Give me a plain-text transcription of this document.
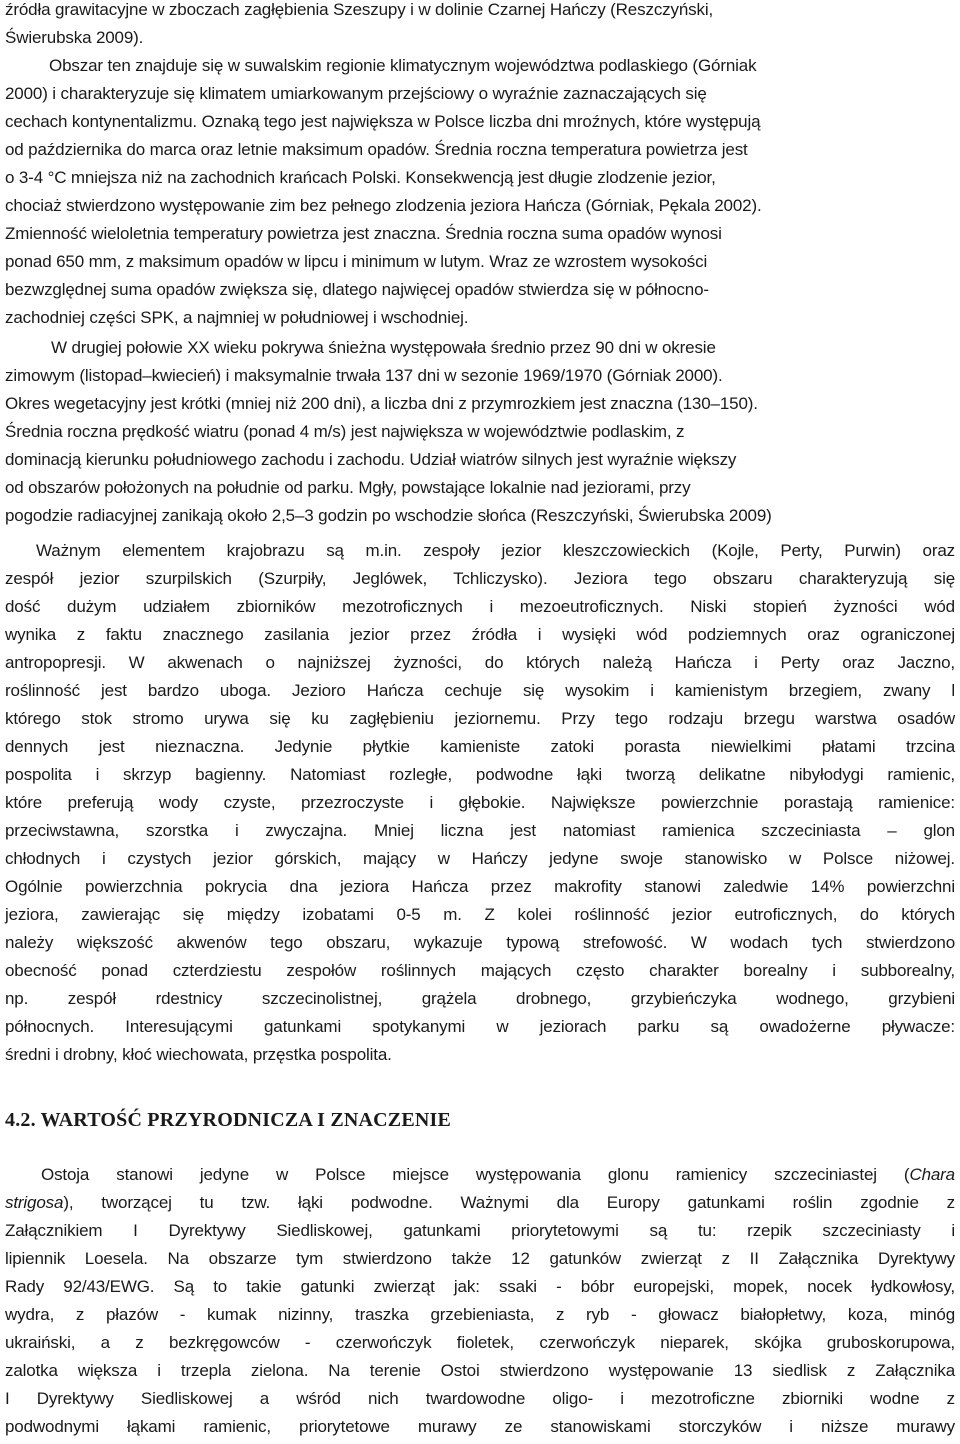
źródła grawitacyjne w zboczach zagłębienia Szeszupy i w dolinie Czarnej Hańczy (Reszczyński,
Świerubska 2009).
Obszar ten znajduje się w suwalskim regionie klimatycznym województwa podlaskiego (Górniak
2000) i charakteryzuje się klimatem umiarkowanym przejściowy o wyraźnie zaznaczających się
cechach kontynentalizmu. Oznaką tego jest największa w Polsce liczba dni mroźnych, które występują
od października do marca oraz letnie maksimum opadów. Średnia roczna temperatura powietrza jest
o 3-4 °C mniejsza niż na zachodnich krańcach Polski. Konsekwencją jest długie zlodzenie jezior,
chociaż stwierdzono występowanie zim bez pełnego zlodzenia jeziora Hańcza (Górniak, Pękala 2002).
Zmienność wieloletnia temperatury powietrza jest znaczna. Średnia roczna suma opadów wynosi
ponad 650 mm, z maksimum opadów w lipcu i minimum w lutym. Wraz ze wzrostem wysokości
bezwzględnej suma opadów zwiększa się, dlatego najwięcej opadów stwierdza się w północno-
zachodniej części SPK, a najmniej w południowej i wschodniej.
W drugiej połowie XX wieku pokrywa śnieżna występowała średnio przez 90 dni w okresie
zimowym (listopad–kwiecień) i maksymalnie trwała 137 dni w sezonie 1969/1970 (Górniak 2000).
Okres wegetacyjny jest krótki (mniej niż 200 dni), a liczba dni z przymrozkiem jest znaczna (130–150).
Średnia roczna prędkość wiatru (ponad 4 m/s) jest największa w województwie podlaskim, z
dominacją kierunku południowego zachodu i zachodu. Udział wiatrów silnych jest wyraźnie większy
od obszarów położonych na południe od parku. Mgły, powstające lokalnie nad jeziorami, przy
pogodzie radiacyjnej zanikają około 2,5–3 godzin po wschodzie słońca (Reszczyński, Świerubska 2009)
Ważnym elementem krajobrazu są m.in. zespoły jezior kleszczowieckich (Kojle, Perty, Purwin) oraz
zespół jezior szurpilskich (Szurpiły, Jeglówek, Tchliczysko). Jeziora tego obszaru charakteryzują się
dość dużym udziałem zbiorników mezotroficznych i mezoeutroficznych. Niski stopień żyzności wód
wynika z faktu znacznego zasilania jezior przez źródła i wysięki wód podziemnych oraz ograniczonej
antropopresji. W akwenach o najniższej żyzności, do których należą Hańcza i Perty oraz Jaczno,
roślinność jest bardzo uboga. Jezioro Hańcza cechuje się wysokim i kamienistym brzegiem, zwany l
którego stok stromo urywa się ku zagłębieniu jeziornemu. Przy tego rodzaju brzegu warstwa osadów
dennych jest nieznaczna. Jedynie płytkie kamieniste zatoki porasta niewielkimi płatami trzcina
pospolita i skrzyp bagienny. Natomiast rozległe, podwodne łąki tworzą delikatne nibyłodygi ramienic,
które preferują wody czyste, przezroczyste i głębokie. Największe powierzchnie porastają ramienice:
przeciwstawna, szorstka i zwyczajna. Mniej liczna jest natomiast ramienica szczeciniasta – glon
chłodnych i czystych jezior górskich, mający w Hańczy jedyne swoje stanowisko w Polsce niżowej.
Ogólnie powierzchnia pokrycia dna jeziora Hańcza przez makrofity stanowi zaledwie 14% powierzchni
jeziora, zawierając się między izobatami 0-5 m. Z kolei roślinność jezior eutroficznych, do których
należy większość akwenów tego obszaru, wykazuje typową strefowość. W wodach tych stwierdzono
obecność ponad czterdziestu zespołów roślinnych mających często charakter borealny i subborealny,
np. zespół rdestnicy szczecinolistnej, grążela drobnego, grzybieńczyka wodnego, grzybieni
północnych. Interesującymi gatunkami spotykanymi w jeziorach parku są owadożerne pływacze:
średni i drobny, kłoć wiechowata, przęstka pospolita.
4.2. WARTOŚĆ PRZYRODNICZA I ZNACZENIE
Ostoja stanowi jedyne w Polsce miejsce występowania glonu ramienicy szczeciniastej (Chara
strigosa), tworzącej tu tzw. łąki podwodne. Ważnymi dla Europy gatunkami roślin zgodnie z
Załącznikiem I Dyrektywy Siedliskowej, gatunkami priorytetowymi są tu: rzepik szczeciniasty i
lipiennik Loesela. Na obszarze tym stwierdzono także 12 gatunków zwierząt z II Załącznika Dyrektywy
Rady 92/43/EWG. Są to takie gatunki zwierząt jak: ssaki - bóbr europejski, mopek, nocek łydkowłosy,
wydra, z płazów - kumak nizinny, traszka grzebieniasta, z ryb - głowacz białopłetwy, koza, minóg
ukraiński, a z bezkręgowców - czerwończyk fioletek, czerwończyk nieparek, skójka gruboskorupowa,
zalotka większa i trzepla zielona. Na terenie Ostoi stwierdzono występowanie 13 siedlisk z Załącznika
I Dyrektywy Siedliskowej a wśród nich twardowodne oligo- i mezotroficzne zbiorniki wodne z
podwodnymi łąkami ramienic, priorytetowe murawy ze stanowiskami storczyków i niższe murawy
